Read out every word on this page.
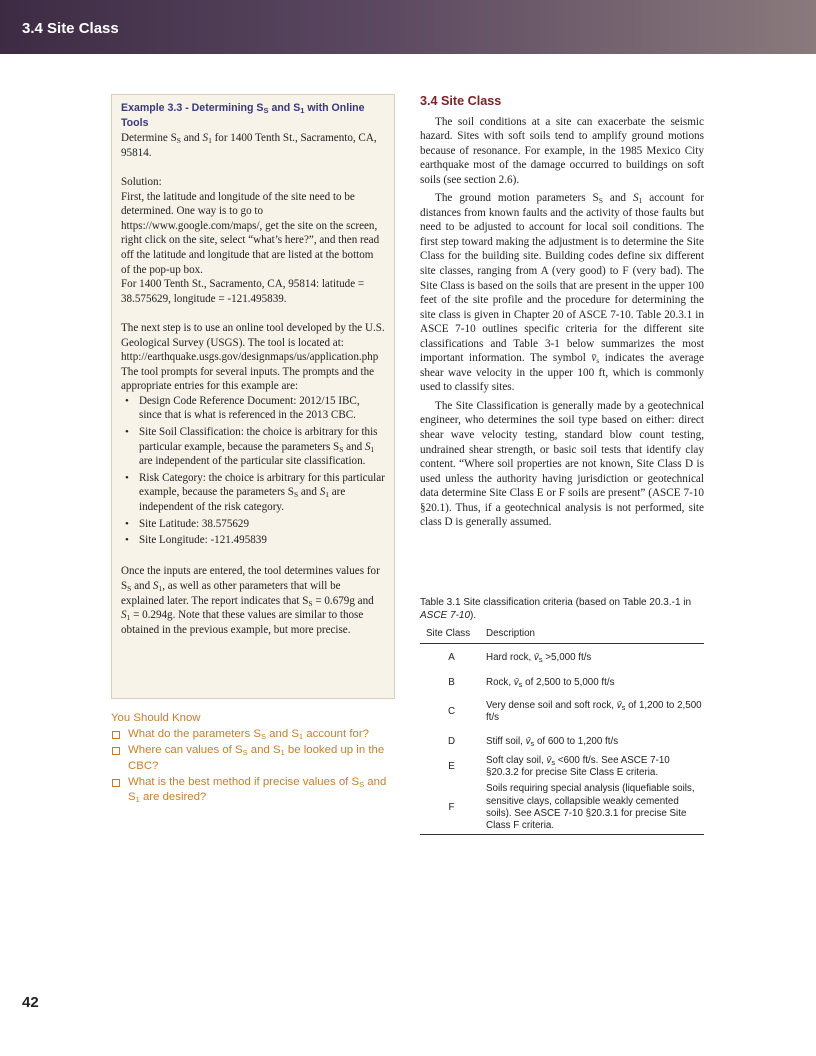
3.4 Site Class

Example 3.3 - Determining $S_S$ and $S_1$ with Online Tools

Determine $S_S$ and $S_1$ for 1400 Tenth St., Sacramento, CA, 95814.

Solution:

First, the latitude and longitude of the site need to be determined. One way is to go to https://www.google.com/maps/, get the site on the screen, right click on the site, select “what’s here?”, and then read off the latitude and longitude that are listed at the bottom of the pop-up box.

For 1400 Tenth St., Sacramento, CA, 95814: latitude = 38.575629, longitude = -121.495839.

The next step is to use an online tool developed by the U.S. Geological Survey (USGS). The tool is located at: http://earthquake.usgs.gov/designmaps/us/application.php

The tool prompts for several inputs. The prompts and the appropriate entries for this example are:

• Design Code Reference Document: 2012/15 IBC, since that is what is referenced in the 2013 CBC.
• Site Soil Classification: the choice is arbitrary for this particular example, because the parameters $S_S$ and $S_1$ are independent of the particular site classification.
• Risk Category: the choice is arbitrary for this particular example, because the parameters $S_S$ and $S_1$ are independent of the risk category.
• Site Latitude: 38.575629
• Site Longitude: -121.495839

Once the inputs are entered, the tool determines values for $S_S$ and $S_1$, as well as other parameters that will be explained later. The report indicates that $S_S = 0.679g$ and $S_1 = 0.294g$. Note that these values are similar to those obtained in the previous example, but more precise.

You Should Know

What do the parameters $S_S$ and $S_1$ account for?
Where can values of $S_S$ and $S_1$ be looked up in the CBC?
What is the best method if precise values of $S_S$ and $S_1$ are desired?

3.4 Site Class

The soil conditions at a site can exacerbate the seismic hazard. Sites with soft soils tend to amplify ground motions because of resonance. For example, in the 1985 Mexico City earthquake most of the damage occurred to buildings on soft soils (see section 2.6).

The ground motion parameters $S_S$ and $S_1$ account for distances from known faults and the activity of those faults but need to be adjusted to account for local soil conditions. The first step toward making the adjustment is to determine the Site Class for the building site. Building codes define six different site classes, ranging from A (very good) to F (very bad). The Site Class is based on the soils that are present in the upper 100 feet of the site profile and the procedure for determining the site class is given in Chapter 20 of ASCE 7-10. Table 20.3.1 in ASCE 7-10 outlines specific criteria for the different site classifications and Table 3-1 below summarizes the most important information. The symbol $v̄_s$ indicates the average shear wave velocity in the upper 100 ft, which is commonly used to classify sites.

The Site Classification is generally made by a geotechnical engineer, who determines the soil type based on either: direct shear wave velocity testing, standard blow count testing, undrained shear strength, or basic soil tests that identify clay content. “Where soil properties are not known, Site Class D is used unless the authority having jurisdiction or geotechnical data determine Site Class E or F soils are present” (ASCE 7-10 §20.1). Thus, if a geotechnical analysis is not performed, site class D is generally assumed.

Table 3.1 Site classification criteria (based on Table 20.3.-1 in ASCE 7-10).
Site Class	Description
A	Hard rock, $v̄_s >5,000$ ft/s
B	Rock, $v̄_s$ of 2,500 to 5,000 ft/s
C	Very dense soil and soft rock, $v̄_s$ of 1,200 to 2,500 ft/s
D	Stiff soil, $v̄_s$ of 600 to 1,200 ft/s
E	Soft clay soil, $v̄_s <600$ ft/s. See ASCE 7-10 §20.3.2 for precise Site Class E criteria.
F	Soils requiring special analysis (liquefiable soils, sensitive clays, collapsible weakly cemented soils). See ASCE 7-10 §20.3.1 for precise Site Class F criteria.
42
